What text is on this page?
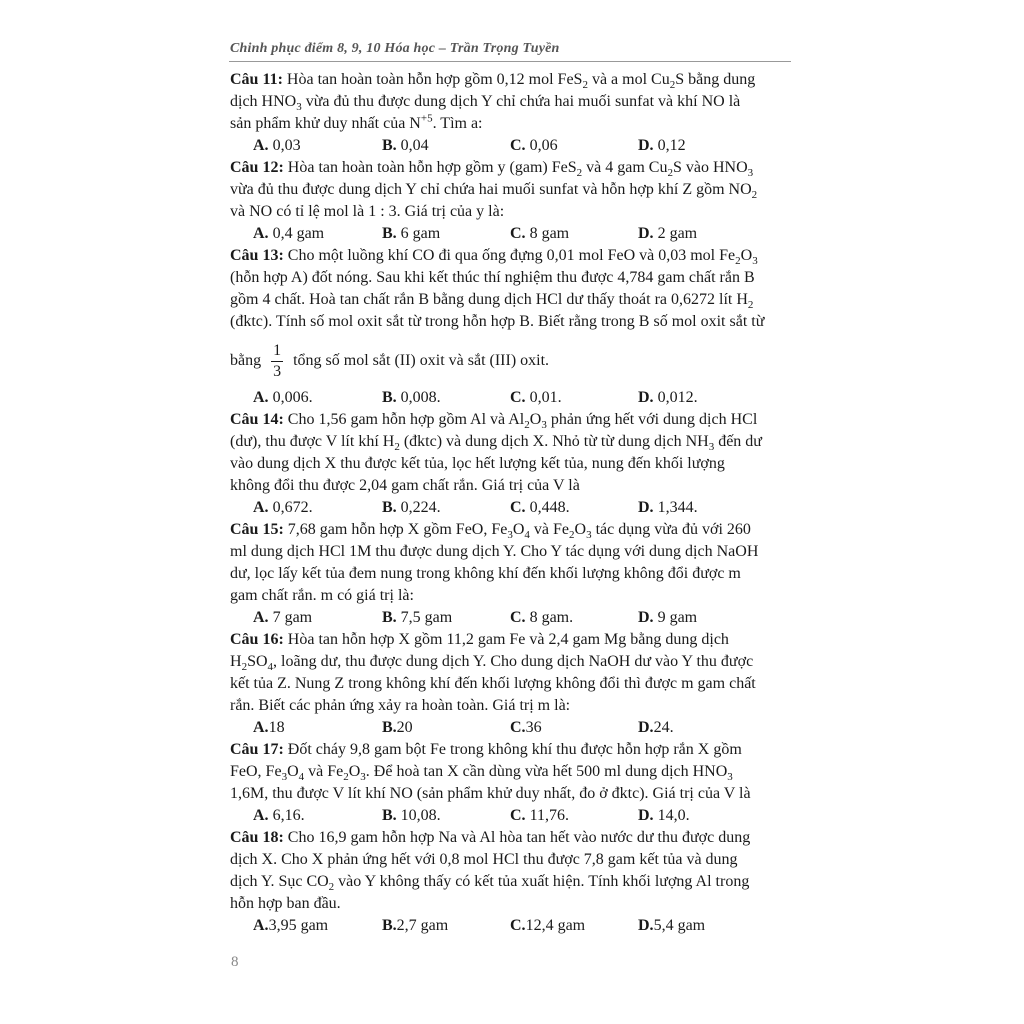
Chinh phục điểm 8, 9, 10 Hóa học – Trần Trọng Tuyền
Câu 11: Hòa tan hoàn toàn hỗn hợp gồm 0,12 mol FeS$_2$ và a mol $Cu_2S$ bằng dung
dịch $HNO_3$ vừa đủ thu được dung dịch Y chỉ chứa hai muối sunfat và khí NO là
sản phẩm khử duy nhất của $N^{+5}$. Tìm a:
A. 0,03	B. 0,04	C. 0,06	D. 0,12
Câu 12: Hòa tan hoàn toàn hỗn hợp gồm y (gam) FeS$_2$ và 4 gam $Cu_2S$ vào $HNO_3$
vừa đủ thu được dung dịch Y chỉ chứa hai muối sunfat và hỗn hợp khí Z gồm $NO_2$
và NO có tỉ lệ mol là 1 : 3. Giá trị của y là:
A. 0,4 gam	B. 6 gam	C. 8 gam	D. 2 gam
Câu 13: Cho một luồng khí CO đi qua ống đựng 0,01 mol FeO và 0,03 mol $Fe_2O_3$
(hỗn hợp A) đốt nóng. Sau khi kết thúc thí nghiệm thu được 4,784 gam chất rắn B
gồm 4 chất. Hoà tan chất rắn B bằng dung dịch HCl dư thấy thoát ra 0,6272 lít $H_2$
(đktc). Tính số mol oxit sắt từ trong hỗn hợp B. Biết rằng trong B số mol oxit sắt từ
bằng $\frac{1}{3}$ tổng số mol sắt (II) oxit và sắt (III) oxit.
A. 0,006.	B. 0,008.	C. 0,01.	D. 0,012.
Câu 14: Cho 1,56 gam hỗn hợp gồm Al và $Al_2O_3$ phản ứng hết với dung dịch HCl
(dư), thu được V lít khí $H_2$ (đktc) và dung dịch X. Nhỏ từ từ dung dịch $NH_3$ đến dư
vào dung dịch X thu được kết tủa, lọc hết lượng kết tủa, nung đến khối lượng
không đổi thu được 2,04 gam chất rắn. Giá trị của V là
A. 0,672.	B. 0,224.	C. 0,448.	D. 1,344.
Câu 15: 7,68 gam hỗn hợp X gồm FeO, $Fe_3O_4$ và $Fe_2O_3$ tác dụng vừa đủ với 260
ml dung dịch HCl 1M thu được dung dịch Y. Cho Y tác dụng với dung dịch NaOH
dư, lọc lấy kết tủa đem nung trong không khí đến khối lượng không đổi được m
gam chất rắn. m có giá trị là:
A. 7 gam	B. 7,5 gam	C. 8 gam.	D. 9 gam
Câu 16: Hòa tan hỗn hợp X gồm 11,2 gam Fe và 2,4 gam Mg bằng dung dịch
$H_2SO_4$, loãng dư, thu được dung dịch Y. Cho dung dịch NaOH dư vào Y thu được
kết tủa Z. Nung Z trong không khí đến khối lượng không đổi thì được m gam chất
rắn. Biết các phản ứng xảy ra hoàn toàn. Giá trị m là:
A.18	B.20	C.36	D.24.
Câu 17: Đốt cháy 9,8 gam bột Fe trong không khí thu được hỗn hợp rắn X gồm
FeO, $Fe_3O_4$ và $Fe_2O_3$. Để hoà tan X cần dùng vừa hết 500 ml dung dịch $HNO_3$
1,6M, thu được V lít khí NO (sản phẩm khử duy nhất, đo ở đktc). Giá trị của V là
A. 6,16.	B. 10,08.	C. 11,76.	D. 14,0.
Câu 18: Cho 16,9 gam hỗn hợp Na và Al hòa tan hết vào nước dư thu được dung
dịch X. Cho X phản ứng hết với 0,8 mol HCl thu được 7,8 gam kết tủa và dung
dịch Y. Sục $CO_2$ vào Y không thấy có kết tủa xuất hiện. Tính khối lượng Al trong
hỗn hợp ban đầu.
A.3,95 gam	B.2,7 gam	C.12,4 gam	D.5,4 gam
8
